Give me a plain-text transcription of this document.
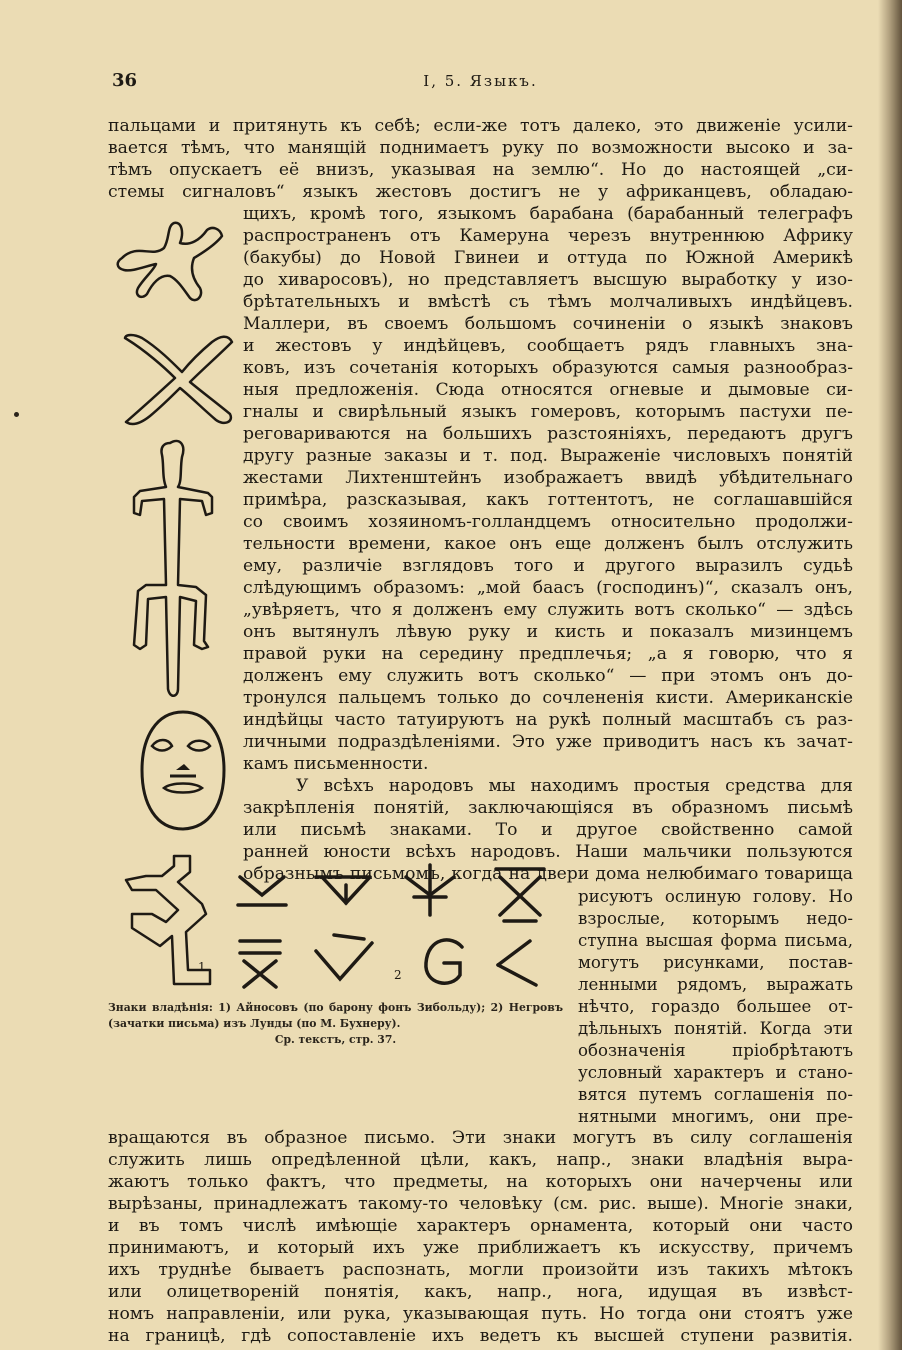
36	I, 5. Языкъ.
пальцами и притянуть къ себѣ; если-же тотъ далеко, это движеніе усили-
вается тѣмъ, что манящій поднимаетъ руку по возможности высоко и за-
тѣмъ опускаетъ её внизъ, указывая на землю“. Но до настоящей „си-
стемы сигналовъ“ языкъ жестовъ достигъ не у африканцевъ, обладаю-
щихъ, кромѣ того, языкомъ барабана (барабанный телеграфъ
распространенъ отъ Камеруна черезъ внутреннюю Африку
(бакубы) до Новой Гвинеи и оттуда по Южной Америкѣ
до хиваросовъ), но представляетъ высшую выработку у изо-
брѣтательныхъ и вмѣстѣ съ тѣмъ молчаливыхъ индѣйцевъ.
Маллери, въ своемъ большомъ сочиненіи о языкѣ знаковъ
и жестовъ у индѣйцевъ, сообщаетъ рядъ главныхъ зна-
ковъ, изъ сочетанія которыхъ образуются самыя разнообраз-
ныя предложенія. Сюда относятся огневые и дымовые си-
гналы и свирѣльный языкъ гомеровъ, которымъ пастухи пе-
реговариваются на большихъ разстояніяхъ, передаютъ другъ
другу разные заказы и т. под. Выраженіе числовыхъ понятій
жестами Лихтенштейнъ изображаетъ ввидѣ убѣдительнаго
примѣра, разсказывая, какъ готтентотъ, не соглашавшійся
со своимъ хозяиномъ-голландцемъ относительно продолжи-
тельности времени, какое онъ еще долженъ былъ отслужить
ему, различіе взглядовъ того и другого выразилъ судьѣ
слѣдующимъ образомъ: „мой баасъ (господинъ)“, сказалъ онъ,
„увѣряетъ, что я долженъ ему служить вотъ сколько“ — здѣсь
онъ вытянулъ лѣвую руку и кисть и показалъ мизинцемъ
правой руки на середину предплечья; „а я говорю, что я
долженъ ему служить вотъ сколько“ — при этомъ онъ до-
тронулся пальцемъ только до сочлененія кисти. Американскіе
индѣйцы часто татуируютъ на рукѣ полный масштабъ съ раз-
личными подраздѣленіями. Это уже приводитъ насъ къ зачат-
камъ письменности.
У всѣхъ народовъ мы находимъ простыя средства для
закрѣпленія понятій, заключающіяся въ образномъ письмѣ
или письмѣ знаками. То и другое свойственно самой
ранней юности всѣхъ народовъ. Наши мальчики пользуются
образнымъ письмомъ, когда на двери дома нелюбимаго товарища
рисуютъ ослиную голову. Но
взрослые, которымъ недо-
ступна высшая форма письма,
могутъ рисунками, постав-
ленными рядомъ, выражать
нѣчто, гораздо большее от-
дѣльныхъ понятій. Когда эти
обозначенія пріобрѣтаютъ
условный характеръ и стано-
вятся путемъ соглашенія по-
нятными многимъ, они пре-
вращаются въ образное письмо. Эти знаки могутъ въ силу соглашенія
служить лишь опредѣленной цѣли, какъ, напр., знаки владѣнія выра-
жаютъ только фактъ, что предметы, на которыхъ они начерчены или
вырѣзаны, принадлежатъ такому-то человѣку (см. рис. выше). Многіе знаки,
и въ томъ числѣ имѣющіе характеръ орнамента, который они часто
принимаютъ, и который ихъ уже приближаетъ къ искусству, причемъ
ихъ труднѣе бываетъ распознать, могли произойти изъ такихъ мѣтокъ
или олицетвореній понятія, какъ, напр., нога, идущая въ извѣст-
номъ направленіи, или рука, указывающая путь. Но тогда они стоятъ уже
на границѣ, гдѣ сопоставленіе ихъ ведетъ къ высшей ступени развитія.
1
2
Знаки владѣнія: 1) Айносовъ (по барону фонъ Зибольду); 2) Негровъ (зачатки письма) изъ Лунды (по М. Бухнеру).
Ср. текстъ, стр. 37.
